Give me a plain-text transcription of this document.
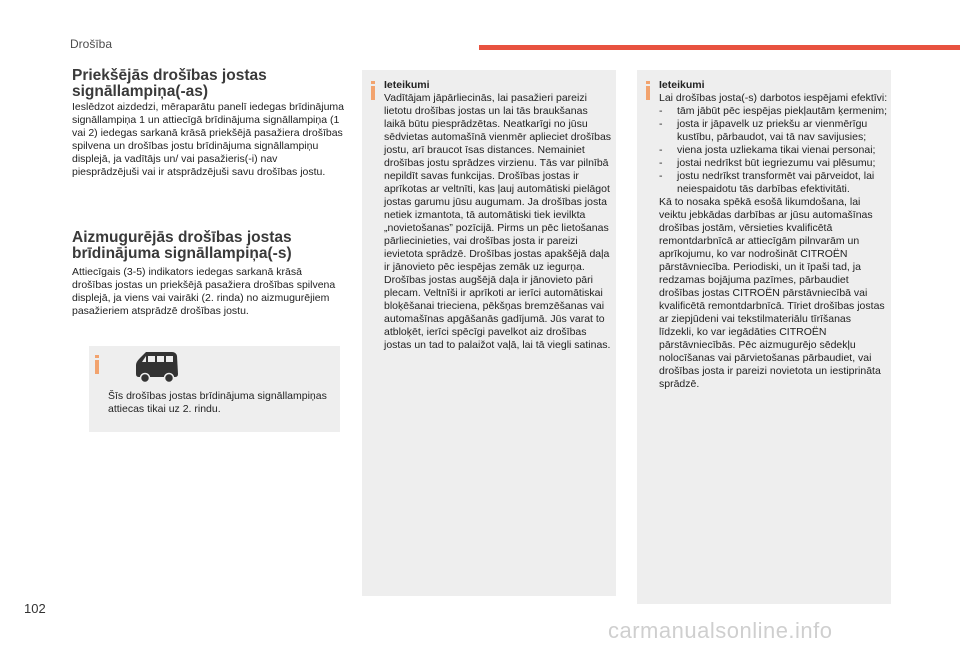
Drošība
Priekšējās drošības jostas
signāllampiņa(-as)

Ieslēdzot aizdedzi, mēraparātu panelī iedegas brīdinājuma signāllampiņa 1 un attiecīgā brīdinājuma signāllampiņa (1 vai 2) iedegas sarkanā krāsā priekšējā pasažiera drošības spilvena un drošības jostu brīdinājuma signāllampiņu displejā, ja vadītājs un/ vai pasažieris(-i) nav piesprādzējuši vai ir atsprādzējuši savu drošības jostu.

Aizmugurējās drošības jostas
brīdinājuma signāllampiņa(-s)

Attiecīgais (3-5) indikators iedegas sarkanā krāsā drošības jostas un priekšējā pasažiera drošības spilvena displejā, ja viens vai vairāki (2. rinda) no aizmugurējiem pasažieriem atsprādzē drošības jostu.

Šīs drošības jostas brīdinājuma signāllampiņas attiecas tikai uz 2. rindu.
Ieteikumi
Vadītājam jāpārliecinās, lai pasažieri pareizi lietotu drošības jostas un lai tās braukšanas laikā būtu piesprādzētas. Neatkarīgi no jūsu sēdvietas automašīnā vienmēr aplieciet drošības jostu, arī braucot īsas distances. Nemainiet drošības jostu sprādzes virzienu. Tās var pilnībā nepildīt savas funkcijas. Drošības jostas ir aprīkotas ar veltnīti, kas ļauj automātiski pielāgot jostas garumu jūsu augumam. Ja drošības josta netiek izmantota, tā automātiski tiek ievilkta „novietošanas” pozīcijā. Pirms un pēc lietošanas pārliecinieties, vai drošības josta ir pareizi ievietota sprādzē. Drošības jostas apakšējā daļa ir jānovieto pēc iespējas zemāk uz iegurņa. Drošības jostas augšējā daļa ir jānovieto pāri plecam. Veltnīši ir aprīkoti ar ierīci automātiskai bloķēšanai trieciena, pēkšņas bremzēšanas vai automašīnas apgāšanās gadījumā. Jūs varat to atbloķēt, ierīci spēcīgi pavelkot aiz drošības jostas un tad to palaižot vaļā, lai tā viegli satinas.
Ieteikumi
Lai drošības josta(-s) darbotos iespējami efektīvi:
- tām jābūt pēc iespējas piekļautām ķermenim;
- josta ir jāpavelk uz priekšu ar vienmērīgu kustību, pārbaudot, vai tā nav savijusies;
- viena josta uzliekama tikai vienai personai;
- jostai nedrīkst būt iegriezumu vai plēsumu;
- jostu nedrīkst transformēt vai pārveidot, lai neiespaidotu tās darbības efektivitāti.
Kā to nosaka spēkā esošā likumdošana, lai veiktu jebkādas darbības ar jūsu automašīnas drošības jostām, vērsieties kvalificētā remontdarbnīcā ar attiecīgām pilnvarām un aprīkojumu, ko var nodrošināt CITROËN pārstāvniecība. Periodiski, un it īpaši tad, ja redzamas bojājuma pazīmes, pārbaudiet drošības jostas CITROËN pārstāvniecībā vai kvalificētā remontdarbnīcā. Tīriet drošības jostas ar ziepjūdeni vai tekstilmateriālu tīrīšanas līdzekli, ko var iegādāties CITROËN pārstāvniecībās. Pēc aizmugurējo sēdekļu nolocīšanas vai pārvietošanas pārbaudiet, vai drošības josta ir pareizi novietota un iestiprināta sprādzē.
102
carmanualsonline.info
